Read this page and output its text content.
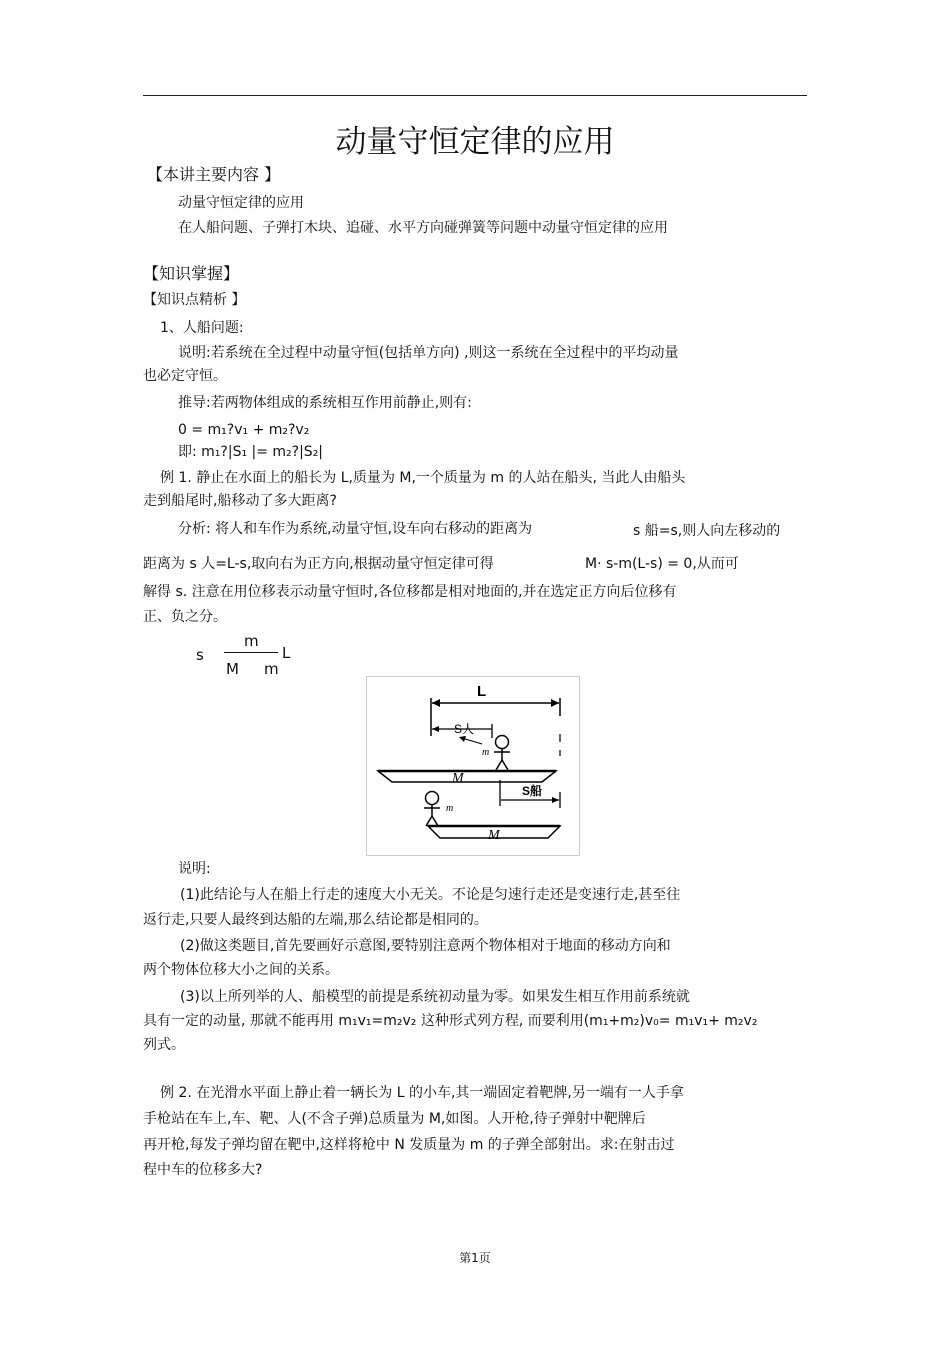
动量守恒定律的应用
【本讲主要内容 】
动量守恒定律的应用
在人船问题、子弹打木块、追碰、水平方向碰弹簧等问题中动量守恒定律的应用
【知识掌握】
【知识点精析 】
1、人船问题:
说明:若系统在全过程中动量守恒(包括单方向) ,则这一系统在全过程中的平均动量
也必定守恒。
推导:若两物体组成的系统相互作用前静止,则有:
0 = m₁?v₁ + m₂?v₂
即: m₁?|S₁ |= m₂?|S₂|
例 1. 静止在水面上的船长为 L,质量为 M,一个质量为 m 的人站在船头, 当此人由船头
走到船尾时,船移动了多大距离?
分析: 将人和车作为系统,动量守恒,设车向右移动的距离为	s 船=s,则人向左移动的
距离为 s 人=L-s,取向右为正方向,根据动量守恒定律可得	M· s-m(L-s) = 0,从而可
解得 s. 注意在用位移表示动量守恒时,各位移都是相对地面的,并在选定正方向后位移有
正、负之分。
s
m
M m
L
L
S人
m
M
S船
m
M
说明:
(1)此结论与人在船上行走的速度大小无关。不论是匀速行走还是变速行走,甚至往
返行走,只要人最终到达船的左端,那么结论都是相同的。
(2)做这类题目,首先要画好示意图,要特别注意两个物体相对于地面的移动方向和
两个物体位移大小之间的关系。
(3)以上所列举的人、船模型的前提是系统初动量为零。如果发生相互作用前系统就
具有一定的动量, 那就不能再用 m₁v₁=m₂v₂ 这种形式列方程, 而要利用(m₁+m₂)v₀= m₁v₁+ m₂v₂
列式。
例 2. 在光滑水平面上静止着一辆长为 L 的小车,其一端固定着靶牌,另一端有一人手拿
手枪站在车上,车、靶、人(不含子弹)总质量为 M,如图。人开枪,待子弹射中靶牌后
再开枪,每发子弹均留在靶中,这样将枪中 N 发质量为 m 的子弹全部射出。求:在射击过
程中车的位移多大?
第1页
